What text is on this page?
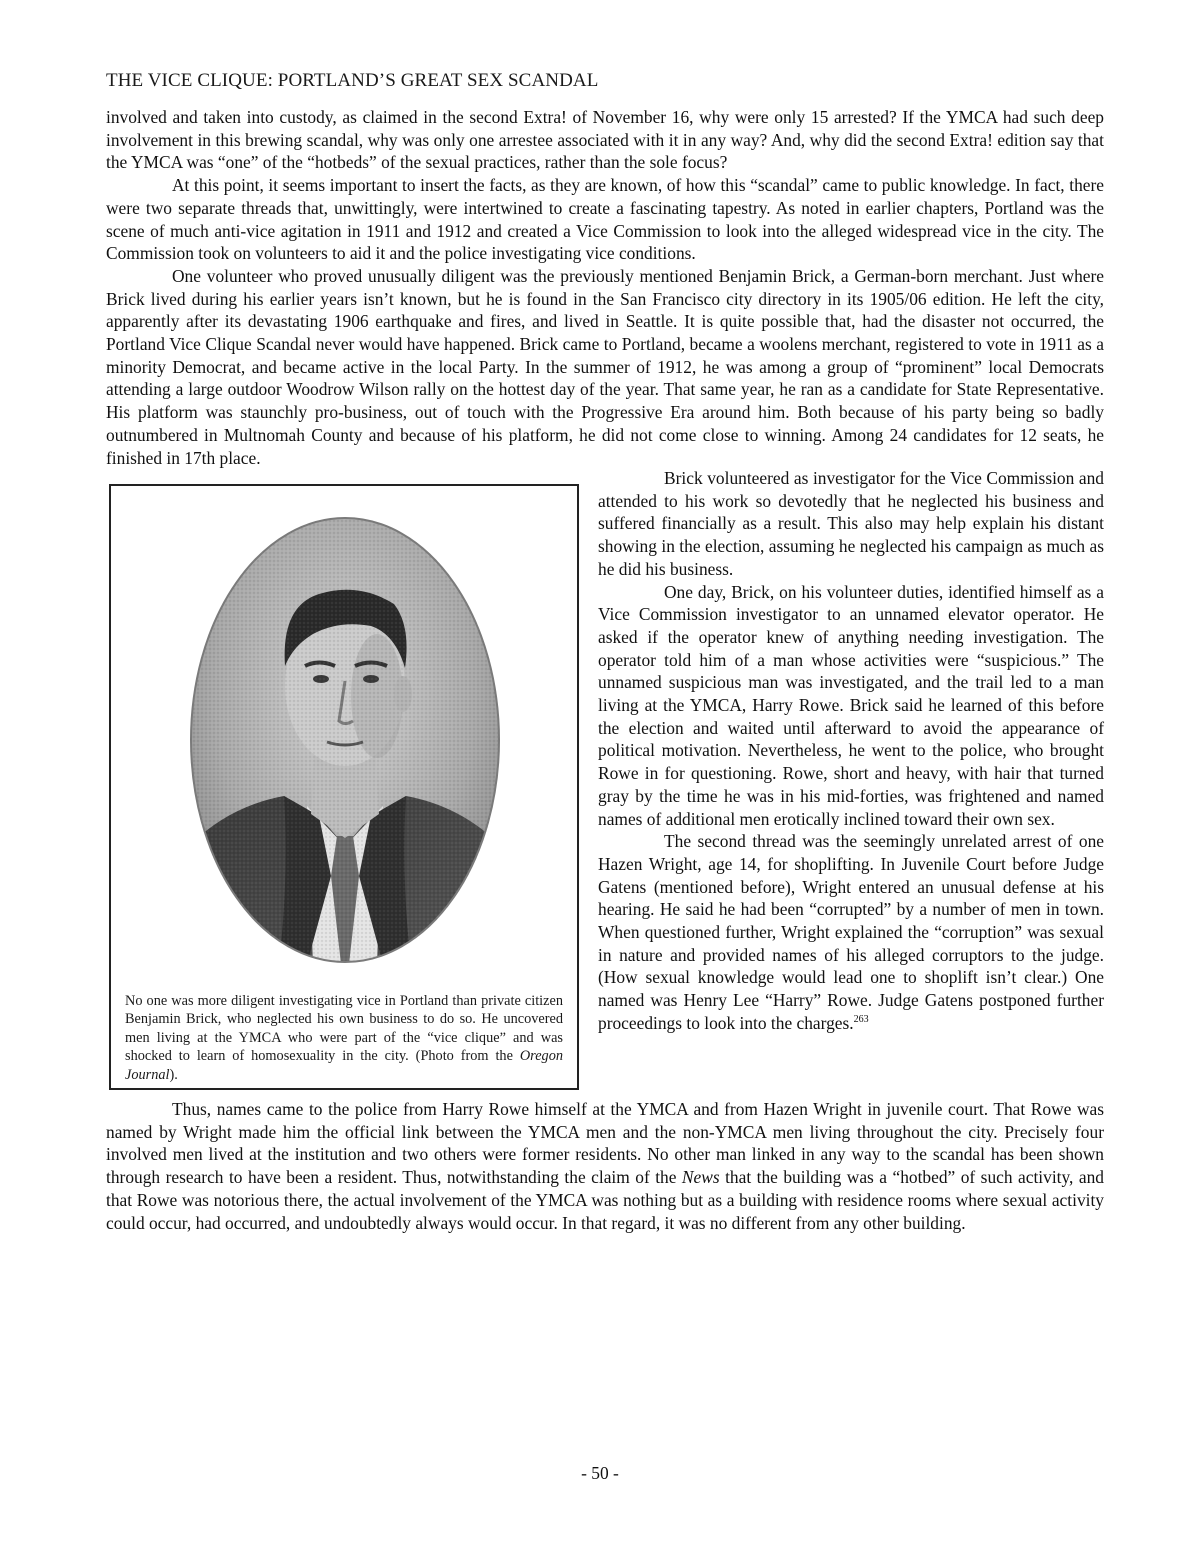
THE VICE CLIQUE: PORTLAND’S GREAT SEX SCANDAL

involved and taken into custody, as claimed in the second Extra! of November 16, why were only 15 arrested? If the YMCA had such deep involvement in this brewing scandal, why was only one arrestee associated with it in any way? And, why did the second Extra! edition say that the YMCA was “one” of the “hotbeds” of the sexual practices, rather than the sole focus?

At this point, it seems important to insert the facts, as they are known, of how this “scandal” came to public knowledge. In fact, there were two separate threads that, unwittingly, were intertwined to create a fascinating tapestry. As noted in earlier chapters, Portland was the scene of much anti-vice agitation in 1911 and 1912 and created a Vice Commission to look into the alleged widespread vice in the city. The Commission took on volunteers to aid it and the police investigating vice conditions.

One volunteer who proved unusually diligent was the previously mentioned Benjamin Brick, a German-born merchant. Just where Brick lived during his earlier years isn’t known, but he is found in the San Francisco city directory in its 1905/06 edition. He left the city, apparently after its devastating 1906 earthquake and fires, and lived in Seattle. It is quite possible that, had the disaster not occurred, the Portland Vice Clique Scandal never would have happened. Brick came to Portland, became a woolens merchant, registered to vote in 1911 as a minority Democrat, and became active in the local Party. In the summer of 1912, he was among a group of “prominent” local Democrats attending a large outdoor Woodrow Wilson rally on the hottest day of the year. That same year, he ran as a candidate for State Representative. His platform was staunchly pro-business, out of touch with the Progressive Era around him. Both because of his party being so badly outnumbered in Multnomah County and because of his platform, he did not come close to winning. Among 24 candidates for 12 seats, he finished in 17th place.

No one was more diligent investigating vice in Portland than private citizen Benjamin Brick, who neglected his own business to do so. He uncovered men living at the YMCA who were part of the “vice clique” and was shocked to learn of homosexuality in the city. (Photo from the Oregon Journal).

Brick volunteered as investigator for the Vice Commission and attended to his work so devotedly that he neglected his business and suffered financially as a result. This also may help explain his distant showing in the election, assuming he neglected his campaign as much as he did his business.

One day, Brick, on his volunteer duties, identified himself as a Vice Commission investigator to an unnamed elevator operator. He asked if the operator knew of anything needing investigation. The operator told him of a man whose activities were “suspicious.” The unnamed suspicious man was investigated, and the trail led to a man living at the YMCA, Harry Rowe. Brick said he learned of this before the election and waited until afterward to avoid the appearance of political motivation. Nevertheless, he went to the police, who brought Rowe in for questioning. Rowe, short and heavy, with hair that turned gray by the time he was in his mid-forties, was frightened and named names of additional men erotically inclined toward their own sex.

The second thread was the seemingly unrelated arrest of one Hazen Wright, age 14, for shoplifting. In Juvenile Court before Judge Gatens (mentioned before), Wright entered an unusual defense at his hearing. He said he had been “corrupted” by a number of men in town. When questioned further, Wright explained the “corruption” was sexual in nature and provided names of his alleged corruptors to the judge. (How sexual knowledge would lead one to shoplift isn’t clear.) One named was Henry Lee “Harry” Rowe. Judge Gatens postponed further proceedings to look into the charges.$^{263}$

Thus, names came to the police from Harry Rowe himself at the YMCA and from Hazen Wright in juvenile court. That Rowe was named by Wright made him the official link between the YMCA men and the non-YMCA men living throughout the city. Precisely four involved men lived at the institution and two others were former residents. No other man linked in any way to the scandal has been shown through research to have been a resident. Thus, notwithstanding the claim of the News that the building was a “hotbed” of such activity, and that Rowe was notorious there, the actual involvement of the YMCA was nothing but as a building with residence rooms where sexual activity could occur, had occurred, and undoubtedly always would occur. In that regard, it was no different from any other building.

- 50 -
